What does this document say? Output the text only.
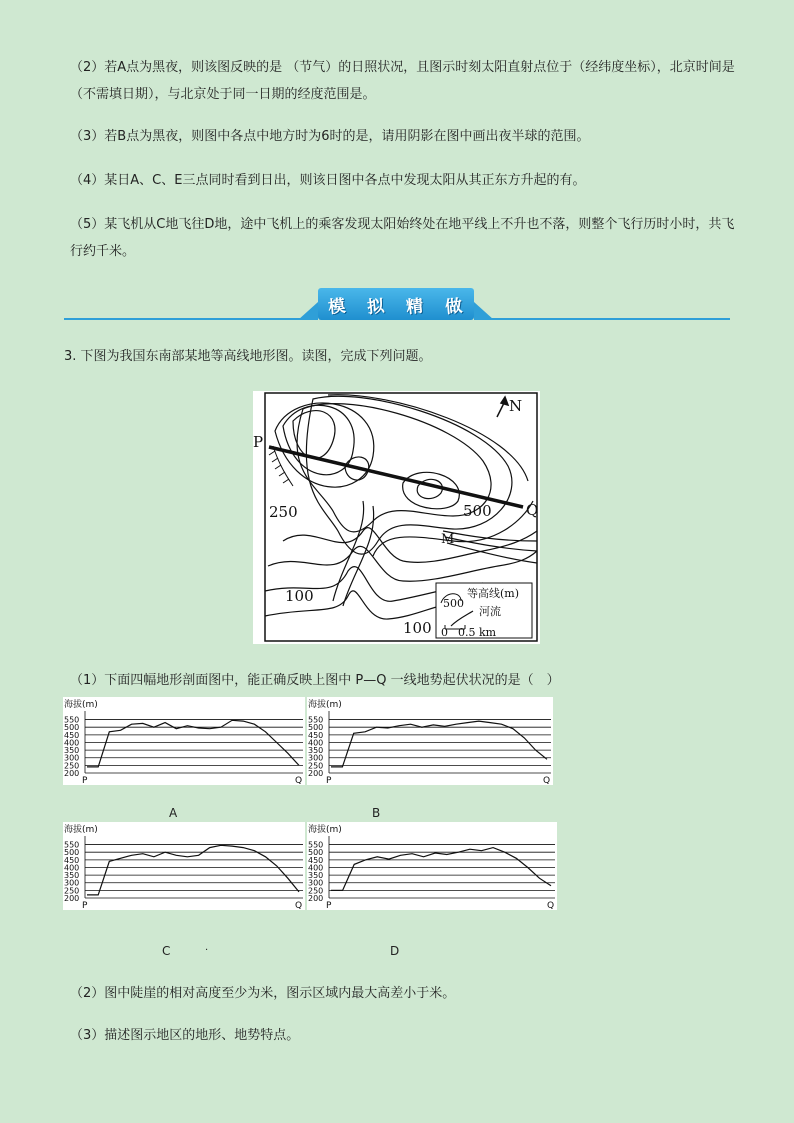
（2）若A点为黑夜，则该图反映的是 （节气）的日照状况，且图示时刻太阳直射点位于（经纬度坐标），北京时间是（不需填日期），与北京处于同一日期的经度范围是。
（3）若B点为黑夜，则图中各点中地方时为6时的是，请用阴影在图中画出夜半球的范围。
（4）某日A、C、E三点同时看到日出，则该日图中各点中发现太阳从其正东方升起的有。
（5）某飞机从C地飞往D地，途中飞机上的乘客发现太阳始终处在地平线上不升也不落，则整个飞行历时小时，共飞行约千米。
模 拟 精 做
3. 下图为我国东南部某地等高线地形图。读图，完成下列问题。
N
P
Q
M
250	500
100
100
500
等高线(m)
河流
0 0.5 km
（1）下面四幅地形剖面图中，能正确反映上图中 P—Q 一线地势起伏状况的是（　）
海拔(m)
550
500
450
400
350
300
250
200
P	Q
海拔(m)
550
500
450
400
350
300
250
200
P	Q
海拔(m)
550
500
450
400
350
300
250
200
P	Q
海拔(m)
550
500
450
400
350
300
250
200
P	Q
A	B
C	.	D
（2）图中陡崖的相对高度至少为米，图示区域内最大高差小于米。
（3）描述图示地区的地形、地势特点。
